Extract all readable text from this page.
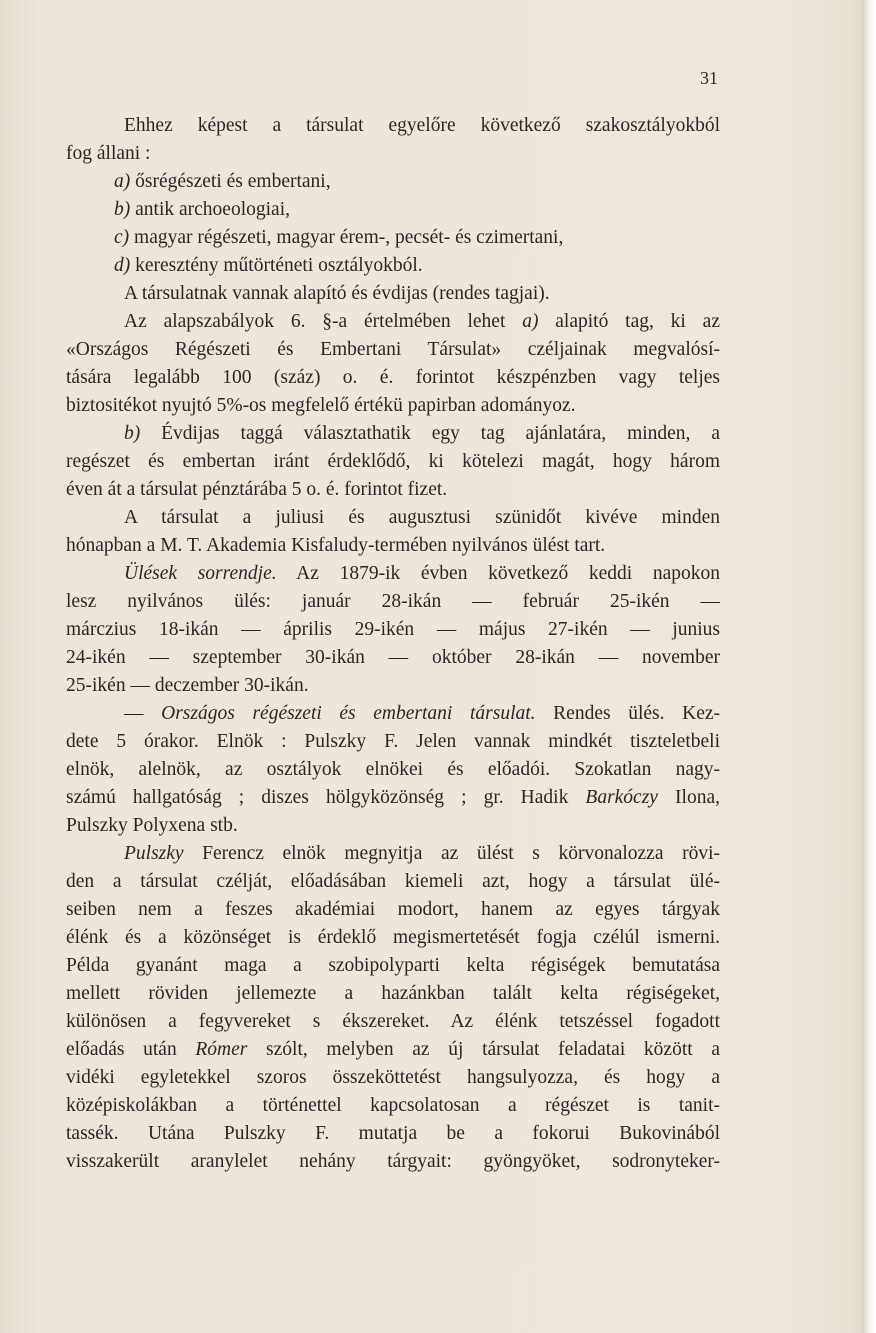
31

Ehhez képest a társulat egyelőre következő szakosztályokból
fog állani :

a) ősrégészeti és embertani,
b) antik archoeologiai,
c) magyar régészeti, magyar érem-, pecsét- és czimertani,
d) keresztény műtörténeti osztályokból.

A társulatnak vannak alapító és évdijas (rendes tagjai).

Az alapszabályok 6. §-a értelmében lehet a) alapitó tag, ki az
«Országos Régészeti és Embertani Társulat» czéljainak megvalósí-
tására legalább 100 (száz) o. é. forintot készpénzben vagy teljes
biztositékot nyujtó 5%-os megfelelő értékü papirban adományoz.

b) Évdijas taggá választathatik egy tag ajánlatára, minden, a
regészet és embertan iránt érdeklődő, ki kötelezi magát, hogy három
éven át a társulat pénztárába 5 o. é. forintot fizet.

A társulat a juliusi és augusztusi szünidőt kivéve minden
hónapban a M. T. Akademia Kisfaludy-termében nyilvános ülést tart.

Ülések sorrendje. Az 1879-ik évben következő keddi napokon
lesz nyilvános ülés: január 28-ikán — február 25-ikén —
márczius 18-ikán — április 29-ikén — május 27-ikén — junius
24-ikén — szeptember 30-ikán — október 28-ikán — november
25-ikén — deczember 30-ikán.

— Országos régészeti és embertani társulat. Rendes ülés. Kez-
dete 5 órakor. Elnök : Pulszky F. Jelen vannak mindkét tiszteletbeli
elnök, alelnök, az osztályok elnökei és előadói. Szokatlan nagy-
számú hallgatóság ; diszes hölgyközönség ; gr. Hadik Barkóczy Ilona,
Pulszky Polyxena stb.

Pulszky Ferencz elnök megnyitja az ülést s körvonalozza rövi-
den a társulat czélját, előadásában kiemeli azt, hogy a társulat ülé-
seiben nem a feszes akadémiai modort, hanem az egyes tárgyak
élénk és a közönséget is érdeklő megismertetését fogja czélúl ismerni.
Példa gyanánt maga a szobipolyparti kelta régiségek bemutatása
mellett röviden jellemezte a hazánkban talált kelta régiségeket,
különösen a fegyvereket s ékszereket. Az élénk tetszéssel fogadott
előadás után Rómer szólt, melyben az új társulat feladatai között a
vidéki egyletekkel szoros összeköttetést hangsulyozza, és hogy a
középiskolákban a történettel kapcsolatosan a régészet is tanit-
tassék. Utána Pulszky F. mutatja be a fokorui Bukovinából
visszakerült aranylelet nehány tárgyait: gyöngyöket, sodronyteker-
